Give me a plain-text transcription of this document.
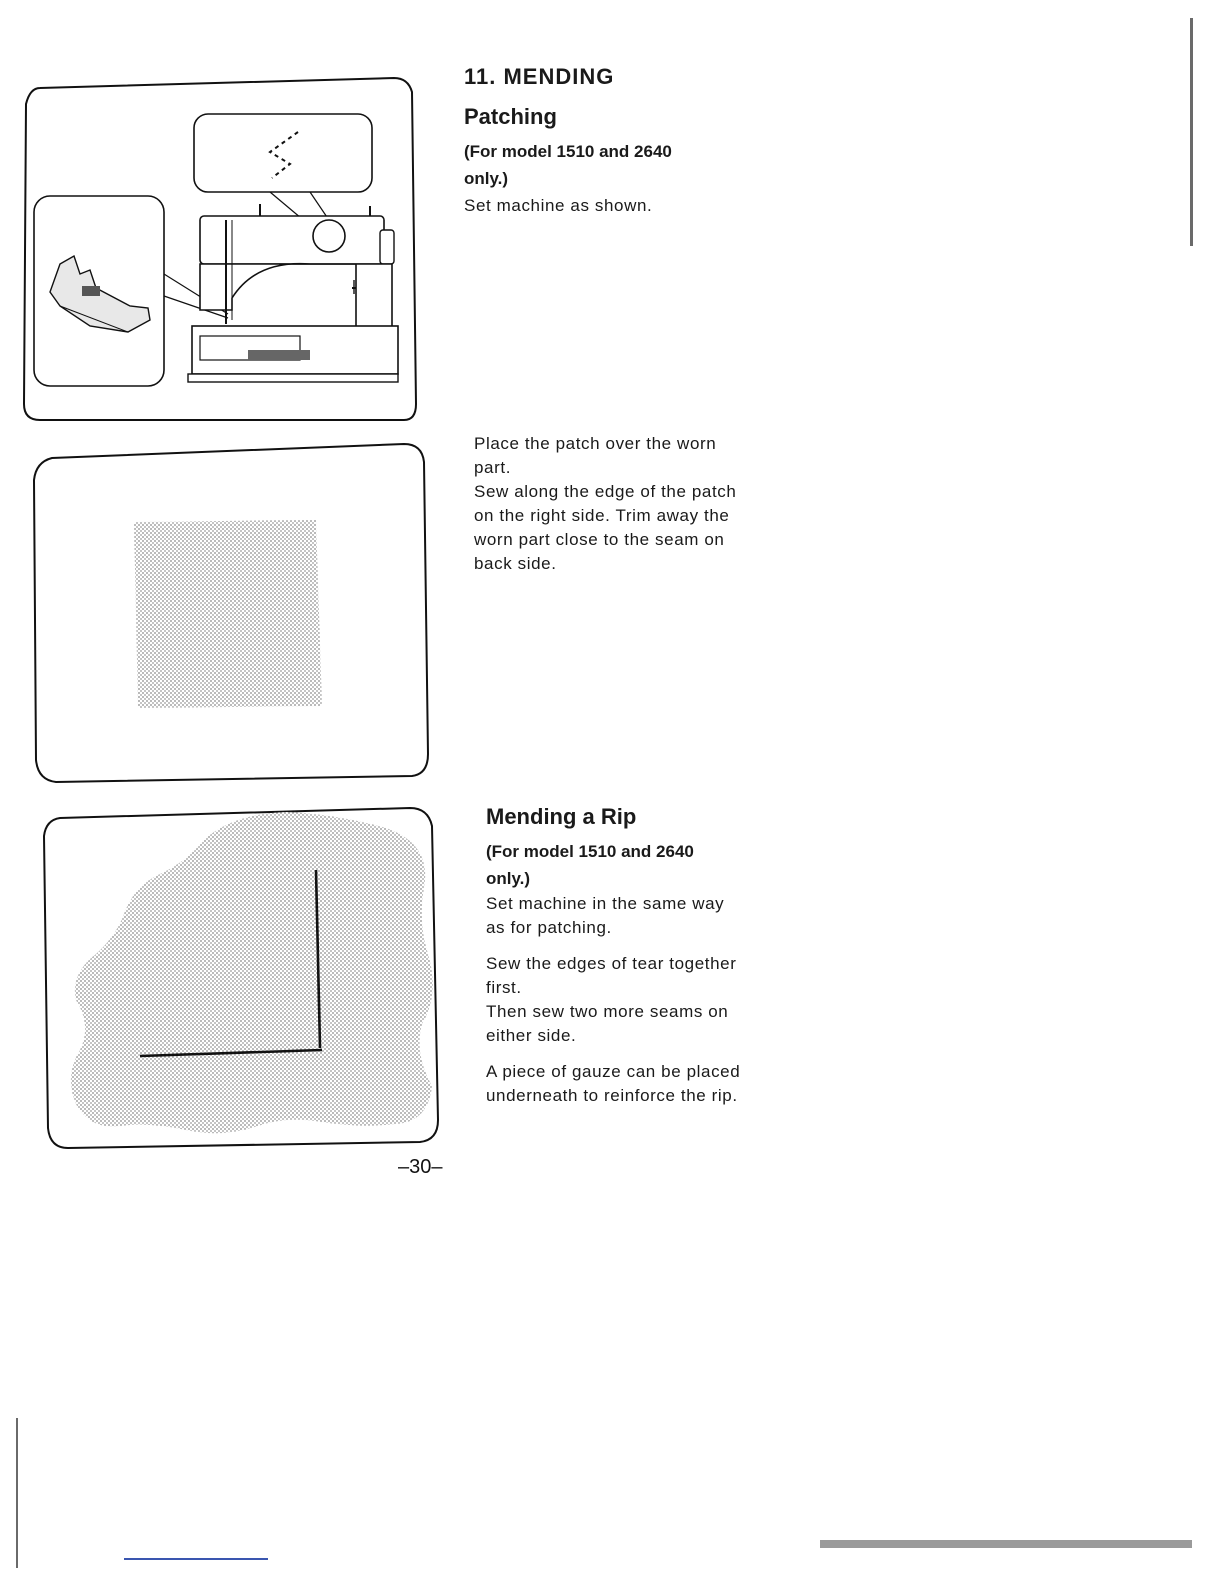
11. MENDING
Patching
(For model 1510 and 2640
only.)

Set machine as shown.

Place the patch over the worn

part.

Sew along the edge of the patch

on the right side. Trim away the

worn part close to the seam on

back side.

Mending a Rip
(For model 1510 and 2640
only.)

Set machine in the same way

as for patching.

Sew the edges of tear together

first.

Then sew two more seams on

either side.

A piece of gauze can be placed

underneath to reinforce the rip.

–30–
